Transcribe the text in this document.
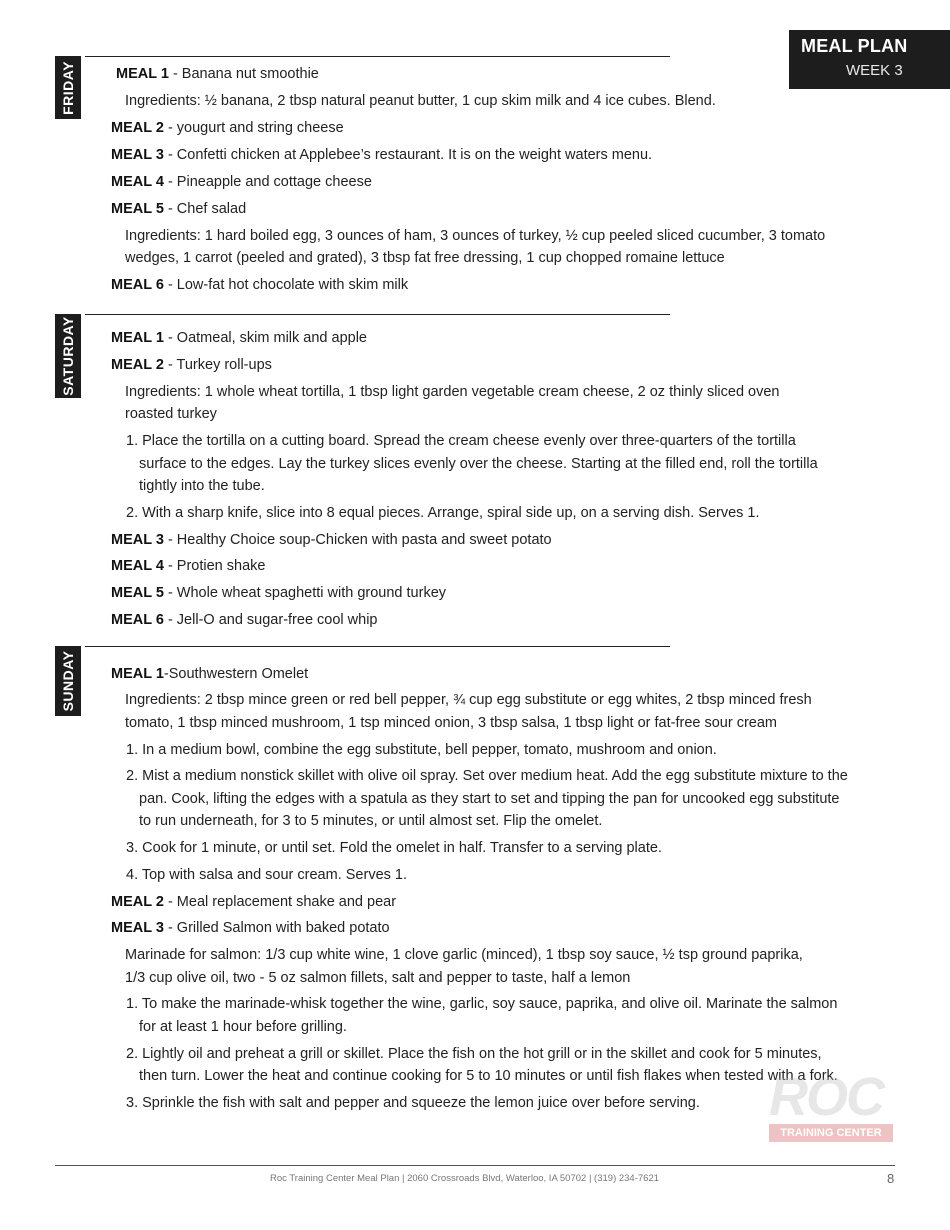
MEAL PLAN
WEEK 3
FRIDAY	MEAL 1 - Banana nut smoothie
Ingredients: ½ banana, 2 tbsp natural peanut butter, 1 cup skim milk and 4 ice cubes. Blend.
MEAL 2 - yougurt and string cheese
MEAL 3 - Confetti chicken at Applebee’s restaurant. It is on the weight waters menu.
MEAL 4 - Pineapple and cottage cheese
MEAL 5 - Chef salad
Ingredients: 1 hard boiled egg, 3 ounces of ham, 3 ounces of turkey, ½ cup peeled sliced cucumber, 3 tomato
wedges, 1 carrot (peeled and grated), 3 tbsp fat free dressing, 1 cup chopped romaine lettuce
MEAL 6 - Low-fat hot chocolate with skim milk
SATURDAY MEAL 1 - Oatmeal, skim milk and apple
MEAL 2 - Turkey roll-ups
Ingredients: 1 whole wheat tortilla, 1 tbsp light garden vegetable cream cheese, 2 oz thinly sliced oven
roasted turkey
1. Place the tortilla on a cutting board. Spread the cream cheese evenly over three-quarters of the tortilla
surface to the edges. Lay the turkey slices evenly over the cheese. Starting at the filled end, roll the tortilla
tightly into the tube.
2. With a sharp knife, slice into 8 equal pieces. Arrange, spiral side up, on a serving dish. Serves 1.
MEAL 3 - Healthy Choice soup-Chicken with pasta and sweet potato
MEAL 4 - Protien shake
MEAL 5 - Whole wheat spaghetti with ground turkey
MEAL 6 - Jell-O and sugar-free cool whip
SUNDAY MEAL 1-Southwestern Omelet
Ingredients: 2 tbsp mince green or red bell pepper, ¾ cup egg substitute or egg whites, 2 tbsp minced fresh
tomato, 1 tbsp minced mushroom, 1 tsp minced onion, 3 tbsp salsa, 1 tbsp light or fat-free sour cream
1. In a medium bowl, combine the egg substitute, bell pepper, tomato, mushroom and onion.
2. Mist a medium nonstick skillet with olive oil spray. Set over medium heat. Add the egg substitute mixture to the
pan. Cook, lifting the edges with a spatula as they start to set and tipping the pan for uncooked egg substitute
to run underneath, for 3 to 5 minutes, or until almost set. Flip the omelet.
3. Cook for 1 minute, or until set. Fold the omelet in half. Transfer to a serving plate.
4. Top with salsa and sour cream. Serves 1.
MEAL 2 - Meal replacement shake and pear
MEAL 3 - Grilled Salmon with baked potato
Marinade for salmon: 1/3 cup white wine, 1 clove garlic (minced), 1 tbsp soy sauce, ½ tsp ground paprika,
1/3 cup olive oil, two - 5 oz salmon fillets, salt and pepper to taste, half a lemon
1. To make the marinade-whisk together the wine, garlic, soy sauce, paprika, and olive oil. Marinate the salmon
for at least 1 hour before grilling.
2. Lightly oil and preheat a grill or skillet. Place the fish on the hot grill or in the skillet and cook for 5 minutes,
then turn. Lower the heat and continue cooking for 5 to 10 minutes or until fish flakes when tested with a fork.
3. Sprinkle the fish with salt and pepper and squeeze the lemon juice over before serving. ROC
TRAINING CENTER
Roc Training Center Meal Plan | 2060 Crossroads Blvd, Waterloo, IA 50702 | (319) 234-7621	8
